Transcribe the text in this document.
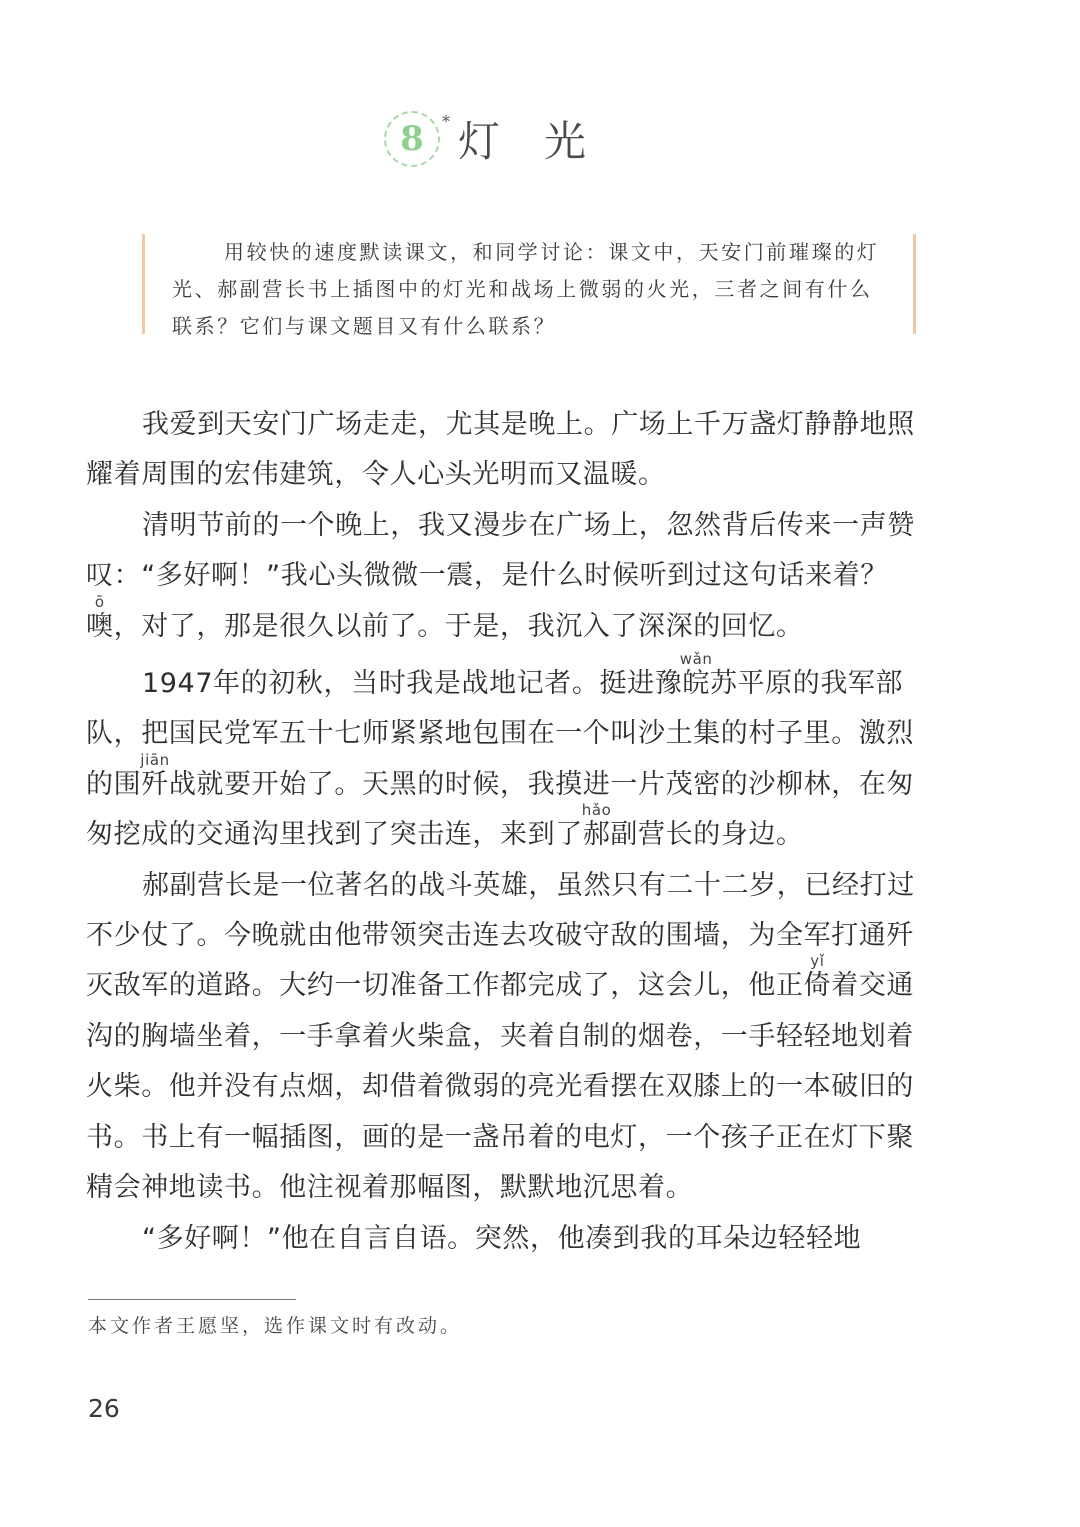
8 * 灯光
用较快的速度默读课文，和同学讨论：课文中，天安门前璀璨的灯光、郝副营长书上插图中的灯光和战场上微弱的火光，三者之间有什么联系？它们与课文题目又有什么联系？

我爱到天安门广场走走，尤其是晚上。广场上千万盏灯静静地照耀着周围的宏伟建筑，令人心头光明而又温暖。

清明节前的一个晚上，我又漫步在广场上，忽然背后传来一声赞叹：“多好啊！”我心头微微一震，是什么时候听到过这句话来着？噢ō，对了，那是很久以前了。于是，我沉入了深深的回忆。

1947年的初秋，当时我是战地记者。挺进豫皖wǎn苏平原的我军部队，把国民党军五十七师紧紧地包围在一个叫沙土集的村子里。激烈的围歼jiān战就要开始了。天黑的时候，我摸进一片茂密的沙柳林，在匆匆挖成的交通沟里找到了突击连，来到了郝hǎo副营长的身边。

郝副营长是一位著名的战斗英雄，虽然只有二十二岁，已经打过不少仗了。今晚就由他带领突击连去攻破守敌的围墙，为全军打通歼灭敌军的道路。大约一切准备工作都完成了，这会儿，他正倚yǐ着交通沟的胸墙坐着，一手拿着火柴盒，夹着自制的烟卷，一手轻轻地划着火柴。他并没有点烟，却借着微弱的亮光看摆在双膝上的一本破旧的书。书上有一幅插图，画的是一盏吊着的电灯，一个孩子正在灯下聚精会神地读书。他注视着那幅图，默默地沉思着。

“多好啊！”他在自言自语。突然，他凑到我的耳朵边轻轻地

本文作者王愿坚，选作课文时有改动。
26
